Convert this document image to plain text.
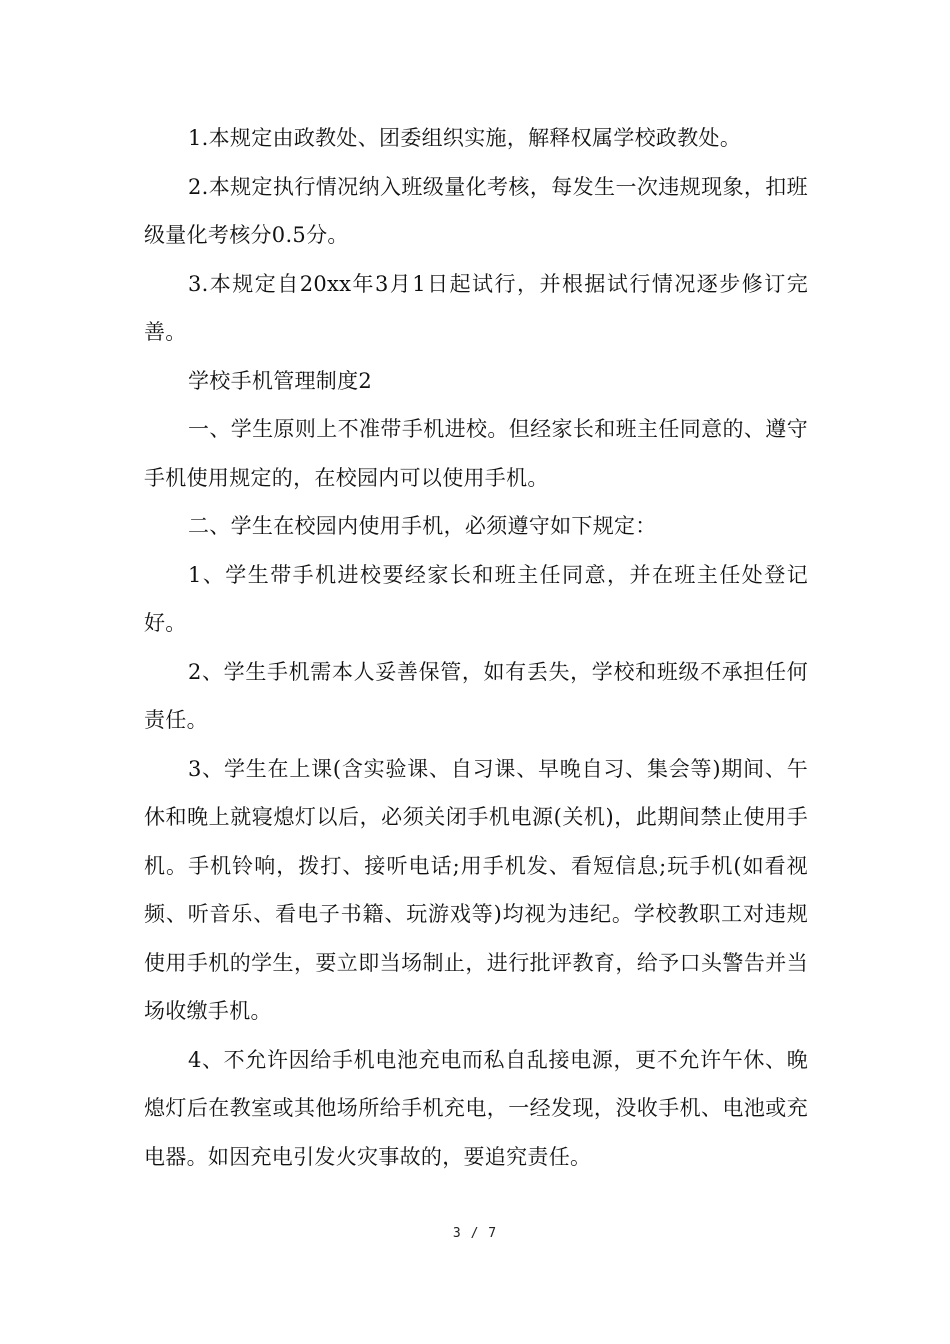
1.本规定由政教处、团委组织实施，解释权属学校政教处。

2.本规定执行情况纳入班级量化考核，每发生一次违规现象，扣班级量化考核分0.5分。

3.本规定自20xx年3月1日起试行，并根据试行情况逐步修订完善。

学校手机管理制度2

一、学生原则上不准带手机进校。但经家长和班主任同意的、遵守手机使用规定的，在校园内可以使用手机。

二、学生在校园内使用手机，必须遵守如下规定：

1、学生带手机进校要经家长和班主任同意，并在班主任处登记好。

2、学生手机需本人妥善保管，如有丢失，学校和班级不承担任何责任。

3、学生在上课(含实验课、自习课、早晚自习、集会等)期间、午休和晚上就寝熄灯以后，必须关闭手机电源(关机)，此期间禁止使用手机。手机铃响，拨打、接听电话;用手机发、看短信息;玩手机(如看视频、听音乐、看电子书籍、玩游戏等)均视为违纪。学校教职工对违规使用手机的学生，要立即当场制止，进行批评教育，给予口头警告并当场收缴手机。

4、不允许因给手机电池充电而私自乱接电源，更不允许午休、晚熄灯后在教室或其他场所给手机充电，一经发现，没收手机、电池或充电器。如因充电引发火灾事故的，要追究责任。

3 / 7
